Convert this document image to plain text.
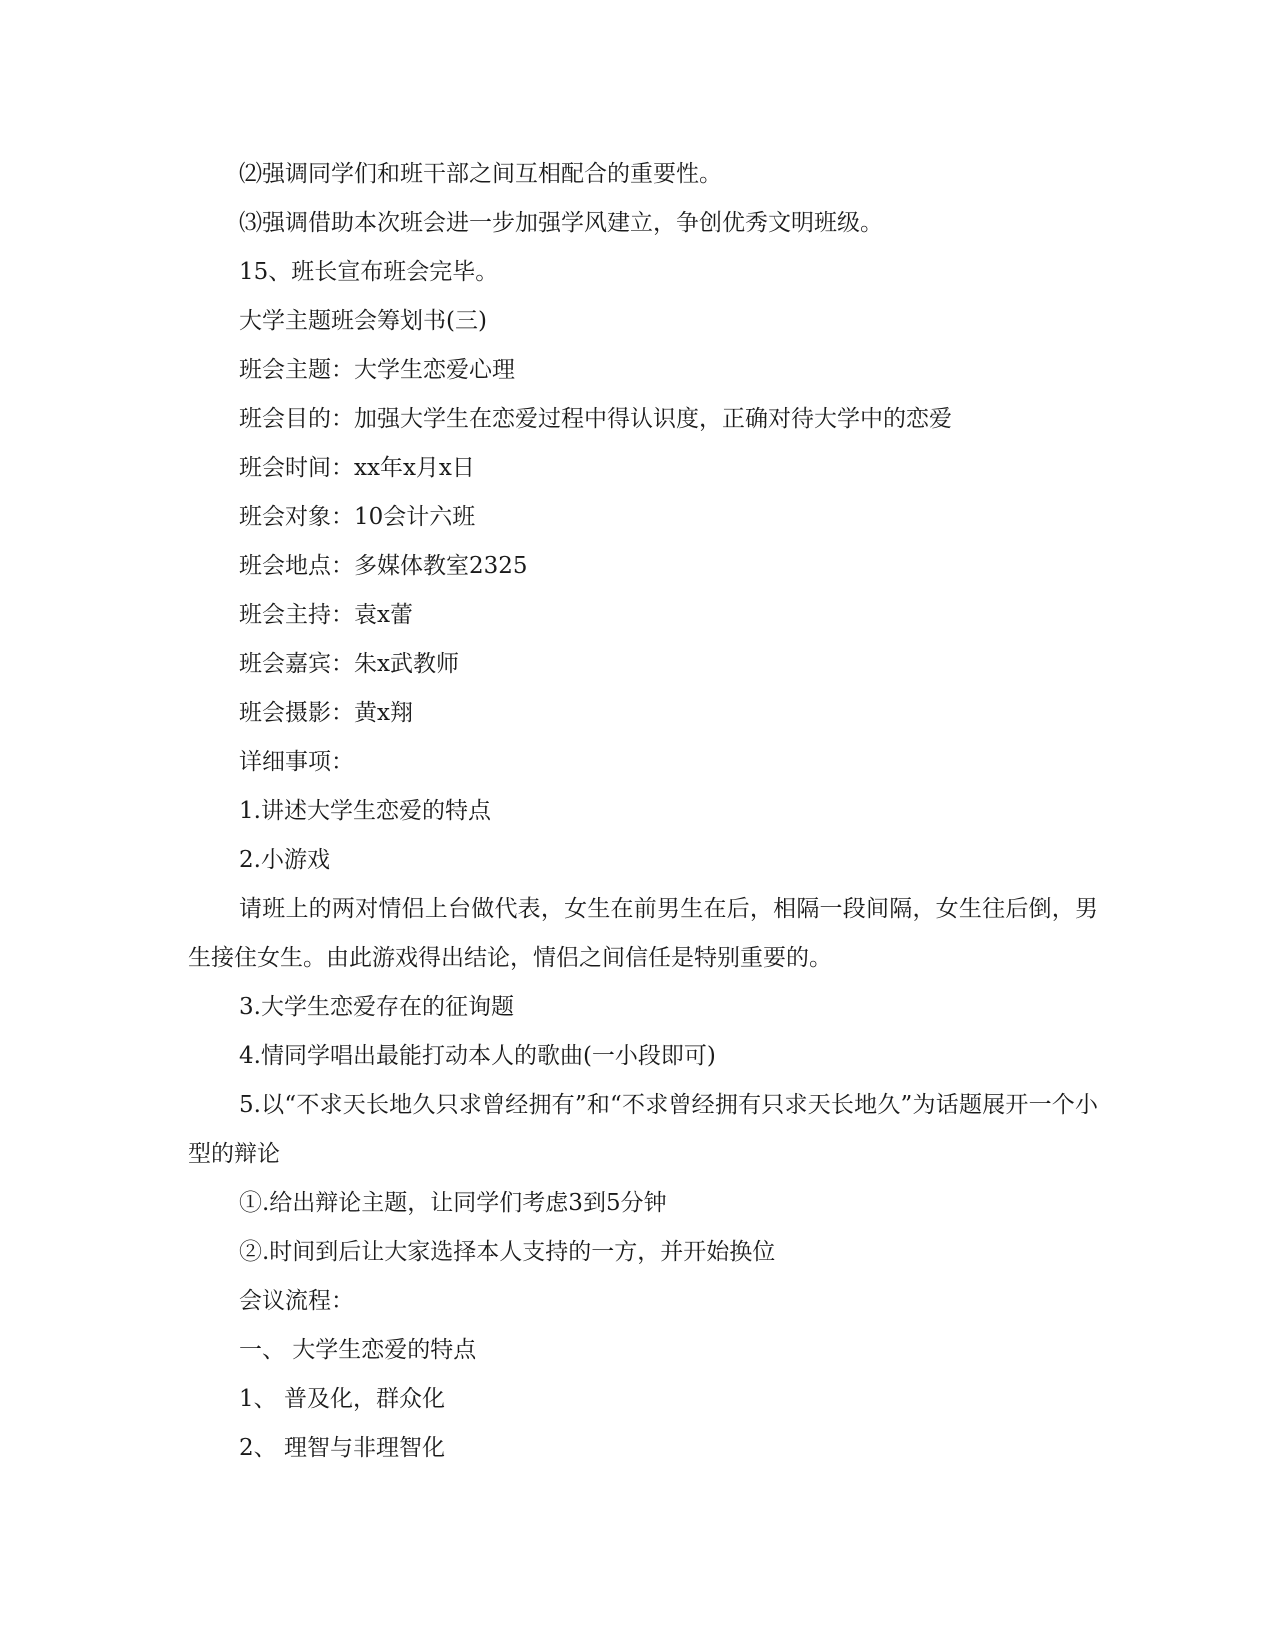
⑵强调同学们和班干部之间互相配合的重要性。

⑶强调借助本次班会进一步加强学风建立，争创优秀文明班级。

15、班长宣布班会完毕。

大学主题班会筹划书(三)

班会主题：大学生恋爱心理

班会目的：加强大学生在恋爱过程中得认识度，正确对待大学中的恋爱

班会时间：xx年x月x日

班会对象：10会计六班

班会地点：多媒体教室2325

班会主持：袁x蕾

班会嘉宾：朱x武教师

班会摄影：黄x翔

详细事项：

1.讲述大学生恋爱的特点

2.小游戏

请班上的两对情侣上台做代表，女生在前男生在后，相隔一段间隔，女生往后倒，男生接住女生。由此游戏得出结论，情侣之间信任是特别重要的。

3.大学生恋爱存在的征询题

4.情同学唱出最能打动本人的歌曲(一小段即可)

5.以“不求天长地久只求曾经拥有”和“不求曾经拥有只求天长地久”为话题展开一个小型的辩论

①.给出辩论主题，让同学们考虑3到5分钟

②.时间到后让大家选择本人支持的一方，并开始换位

会议流程：

一、 大学生恋爱的特点

1、 普及化，群众化

2、 理智与非理智化
